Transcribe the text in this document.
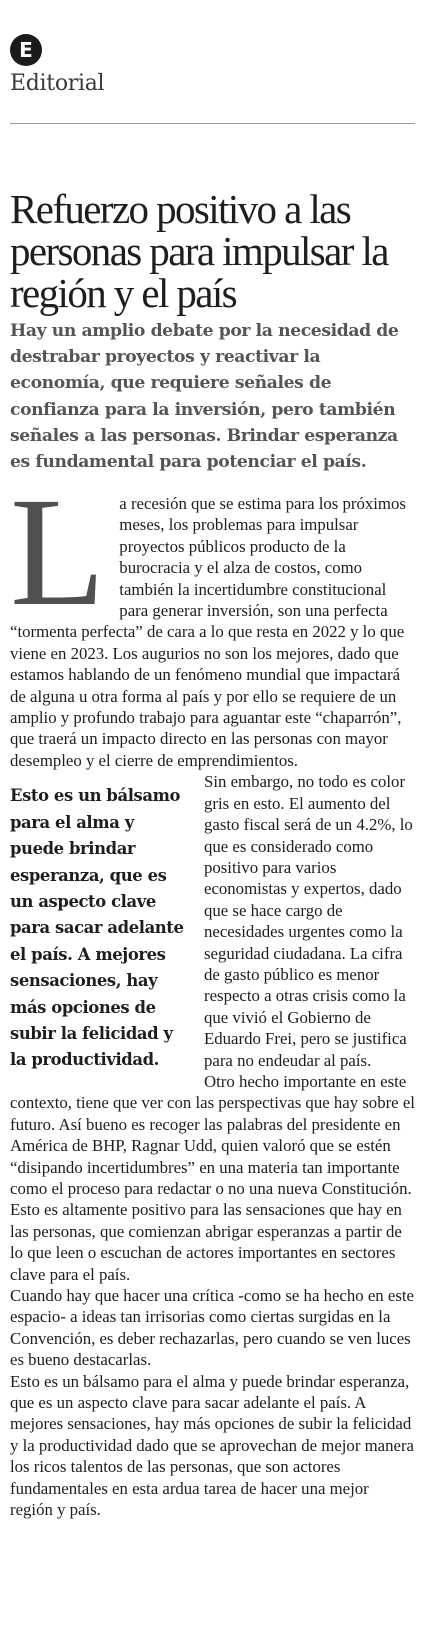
E
Editorial
Refuerzo positivo a las personas para impulsar la región y el país

Hay un amplio debate por la necesidad de destrabar proyectos y reactivar la economía, que requiere señales de confianza para la inversión, pero también señales a las personas. Brindar esperanza es fundamental para potenciar el país.

L a recesión que se estima para los próximos meses, los problemas para impulsar proyectos públicos producto de la burocracia y el alza de costos, como también la incertidumbre constitucional para generar inversión, son una perfecta “tormenta perfecta” de cara a lo que resta en 2022 y lo que viene en 2023. Los augurios no son los mejores, dado que estamos hablando de un fenómeno mundial que impactará de alguna u otra forma al país y por ello se requiere de un amplio y profundo trabajo para aguantar este “chaparrón”, que traerá un impacto directo en las personas con mayor desempleo y el cierre de emprendimientos.

Esto es un bálsamo para el alma y puede brindar esperanza, que es un aspecto clave para sacar adelante el país. A mejores sensaciones, hay más opciones de subir la felicidad y la productividad.

Sin embargo, no todo es color gris en esto. El aumento del gasto fiscal será de un 4.2%, lo que es considerado como positivo para varios economistas y expertos, dado que se hace cargo de necesidades urgentes como la seguridad ciudadana. La cifra de gasto público es menor respecto a otras crisis como la que vivió el Gobierno de Eduardo Frei, pero se justifica para no endeudar al país.

Otro hecho importante en este contexto, tiene que ver con las perspectivas que hay sobre el futuro. Así bueno es recoger las palabras del presidente en América de BHP, Ragnar Udd, quien valoró que se estén “disipando incertidumbres” en una materia tan importante como el proceso para redactar o no una nueva Constitución.

Esto es altamente positivo para las sensaciones que hay en las personas, que comienzan abrigar esperanzas a partir de lo que leen o escuchan de actores importantes en sectores clave para el país.

Cuando hay que hacer una crítica -como se ha hecho en este espacio- a ideas tan irrisorias como ciertas surgidas en la Convención, es deber rechazarlas, pero cuando se ven luces es bueno destacarlas.

Esto es un bálsamo para el alma y puede brindar esperanza, que es un aspecto clave para sacar adelante el país. A mejores sensaciones, hay más opciones de subir la felicidad y la productividad dado que se aprovechan de mejor manera los ricos talentos de las personas, que son actores fundamentales en esta ardua tarea de hacer una mejor región y país.
